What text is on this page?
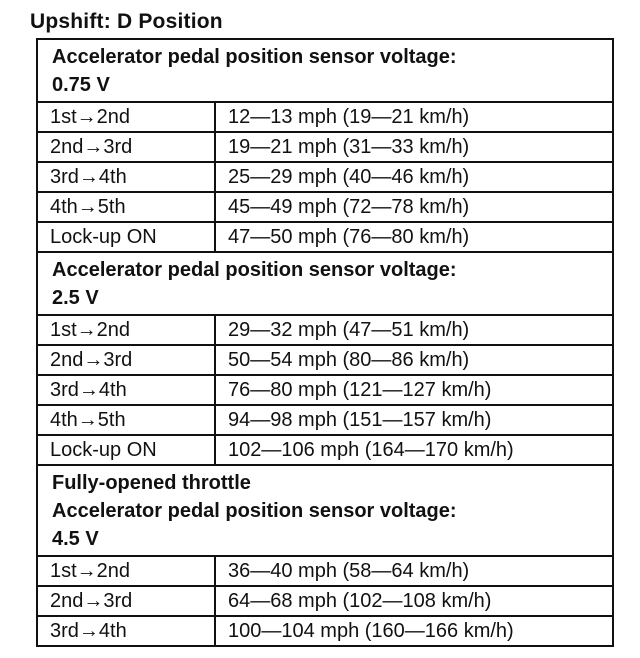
Upshift: D Position
Accelerator pedal position sensor voltage:
0.75 V
1st→2nd	12—13 mph (19—21 km/h)
2nd→3rd	19—21 mph (31—33 km/h)
3rd→4th	25—29 mph (40—46 km/h)
4th→5th	45—49 mph (72—78 km/h)
Lock-up ON	47—50 mph (76—80 km/h)
Accelerator pedal position sensor voltage:
2.5 V
1st→2nd	29—32 mph (47—51 km/h)
2nd→3rd	50—54 mph (80—86 km/h)
3rd→4th	76—80 mph (121—127 km/h)
4th→5th	94—98 mph (151—157 km/h)
Lock-up ON	102—106 mph (164—170 km/h)
Fully-opened throttle
Accelerator pedal position sensor voltage:
4.5 V
1st→2nd	36—40 mph (58—64 km/h)
2nd→3rd	64—68 mph (102—108 km/h)
3rd→4th	100—104 mph (160—166 km/h)
